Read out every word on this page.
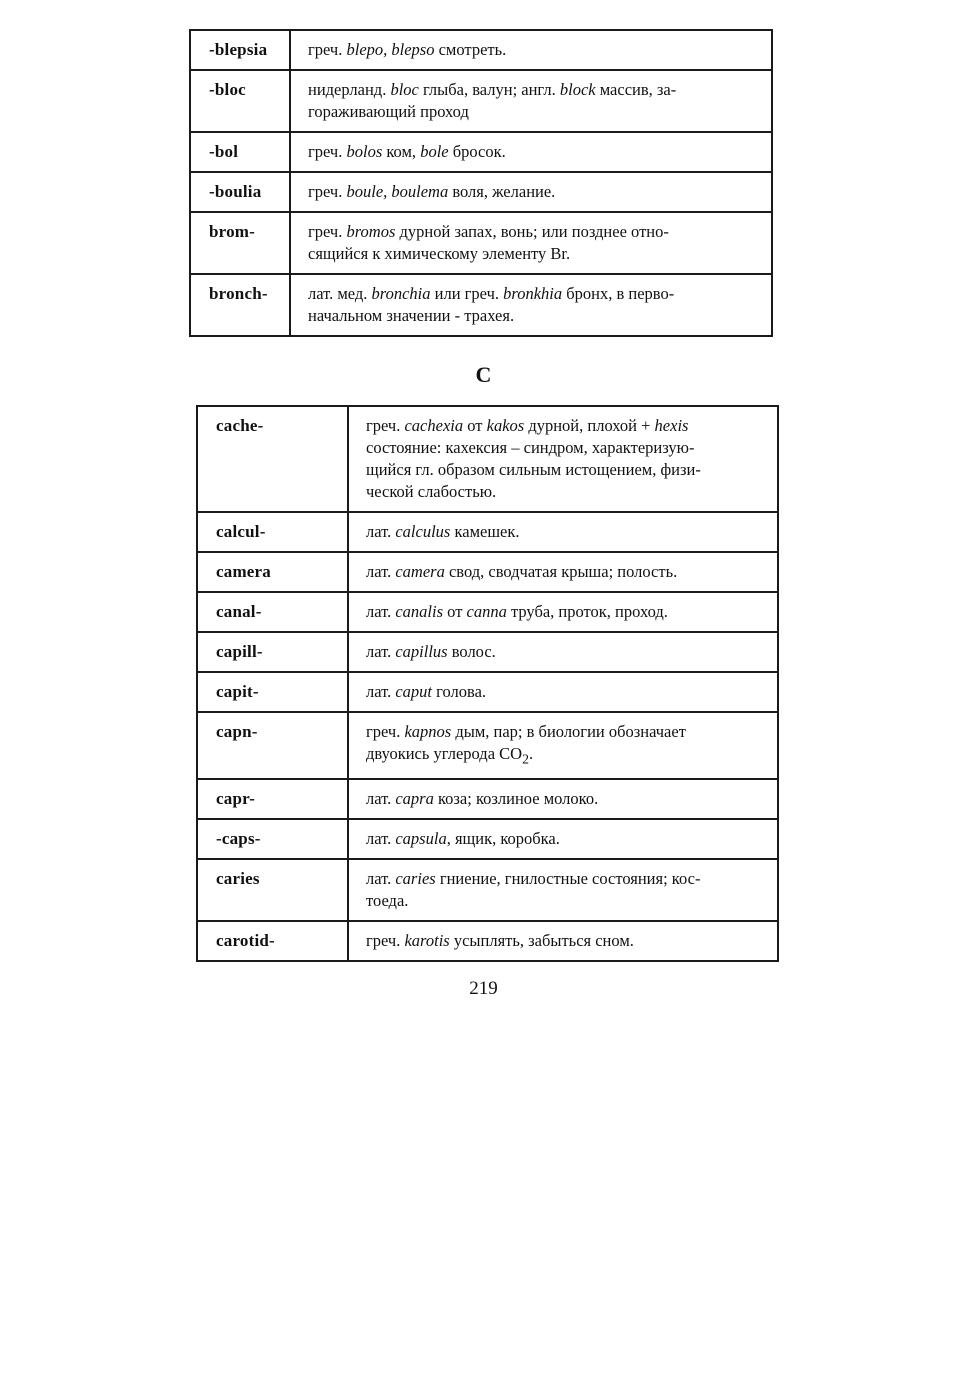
-blepsia	греч. blepo, blepso смотреть.

-bloc	нидерланд. bloc глыба, валун; англ. block массив, за-
гораживающий проход

-bol	греч. bolos ком, bole бросок.

-boulia	греч. boule, boulema воля, желание.

brom-	греч. bromos дурной запах, вонь; или позднее отно-
сящийся к химическому элементу Br.

bronch-	лат. мед. bronchia или греч. bronkhia бронх, в перво-
начальном значении - трахея.
C
cache-	греч. cachexia от kakos дурной, плохой + hexis
состояние: кахексия – синдром, характеризую-
щийся гл. образом сильным истощением, физи-
ческой слабостью.

calcul-	лат. calculus камешек.

camera	лат. camera свод, сводчатая крыша; полость.

canal-	лат. canalis от canna труба, проток, проход.

capill-	лат. capillus волос.

capit-	лат. caput голова.

capn-	греч. kapnos дым, пар; в биологии обозначает
двуокись углерода $CO_2$.

capr-	лат. capra коза; козлиное молоко.

-caps-	лат. capsula, ящик, коробка.

caries	лат. caries гниение, гнилостные состояния; кос-
тоеда.

carotid-	греч. karotis усыплять, забыться сном.
219
